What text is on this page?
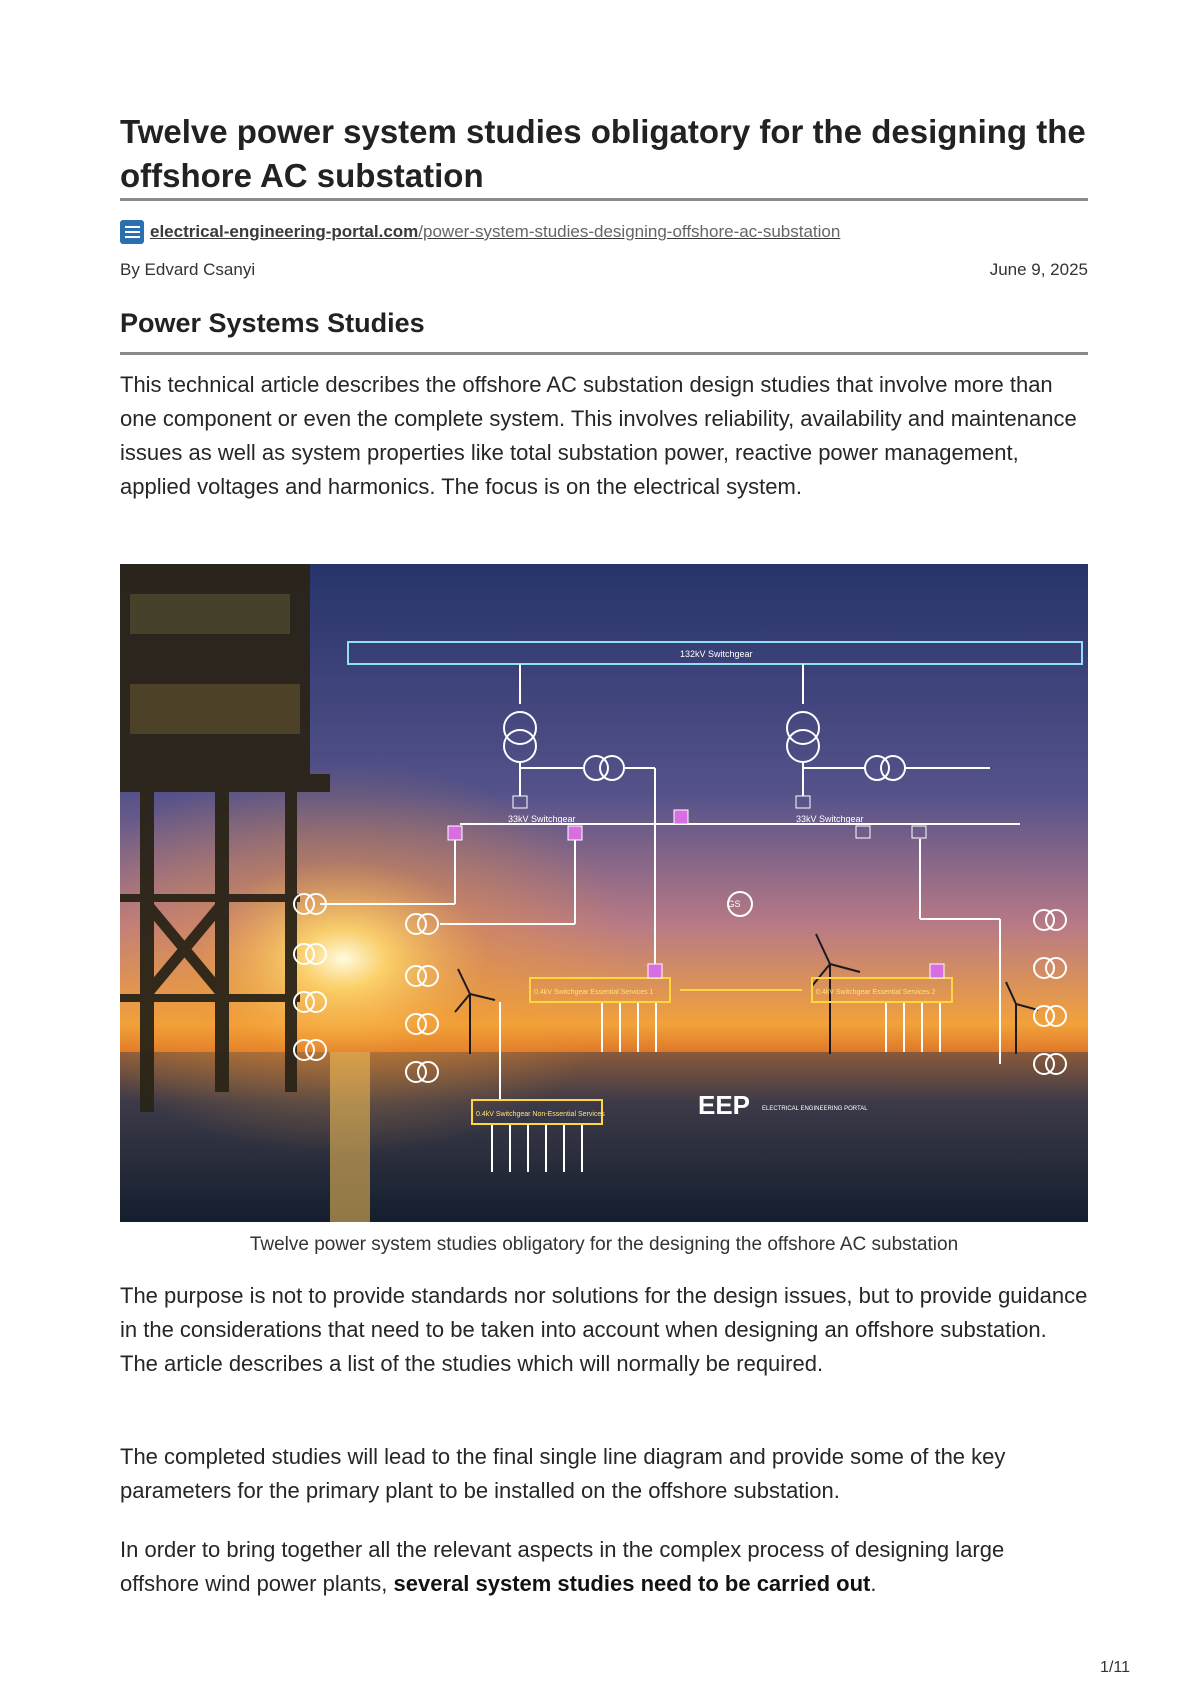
Twelve power system studies obligatory for the designing the offshore AC substation
electrical-engineering-portal.com/power-system-studies-designing-offshore-ac-substation
By Edvard Csanyi	June 9, 2025
Power Systems Studies

This technical article describes the offshore AC substation design studies that involve more than one component or even the complete system. This involves reliability, availability and maintenance issues as well as system properties like total substation power, reactive power management, applied voltages and harmonics. The focus is on the electrical system.

132kV Switchgear
33kV Switchgear	33kV Switchgear
GS
0.4kV Switchgear Essential Services 1	0.4kV Switchgear Essential Services 2
0.4kV Switchgear Non-Essential Services	EEP ELECTRICAL ENGINEERING PORTAL
Twelve power system studies obligatory for the designing the offshore AC substation

The purpose is not to provide standards nor solutions for the design issues, but to provide guidance in the considerations that need to be taken into account when designing an offshore substation. The article describes a list of the studies which will normally be required.

The completed studies will lead to the final single line diagram and provide some of the key parameters for the primary plant to be installed on the offshore substation.

In order to bring together all the relevant aspects in the complex process of designing large offshore wind power plants, several system studies need to be carried out.

1/11
